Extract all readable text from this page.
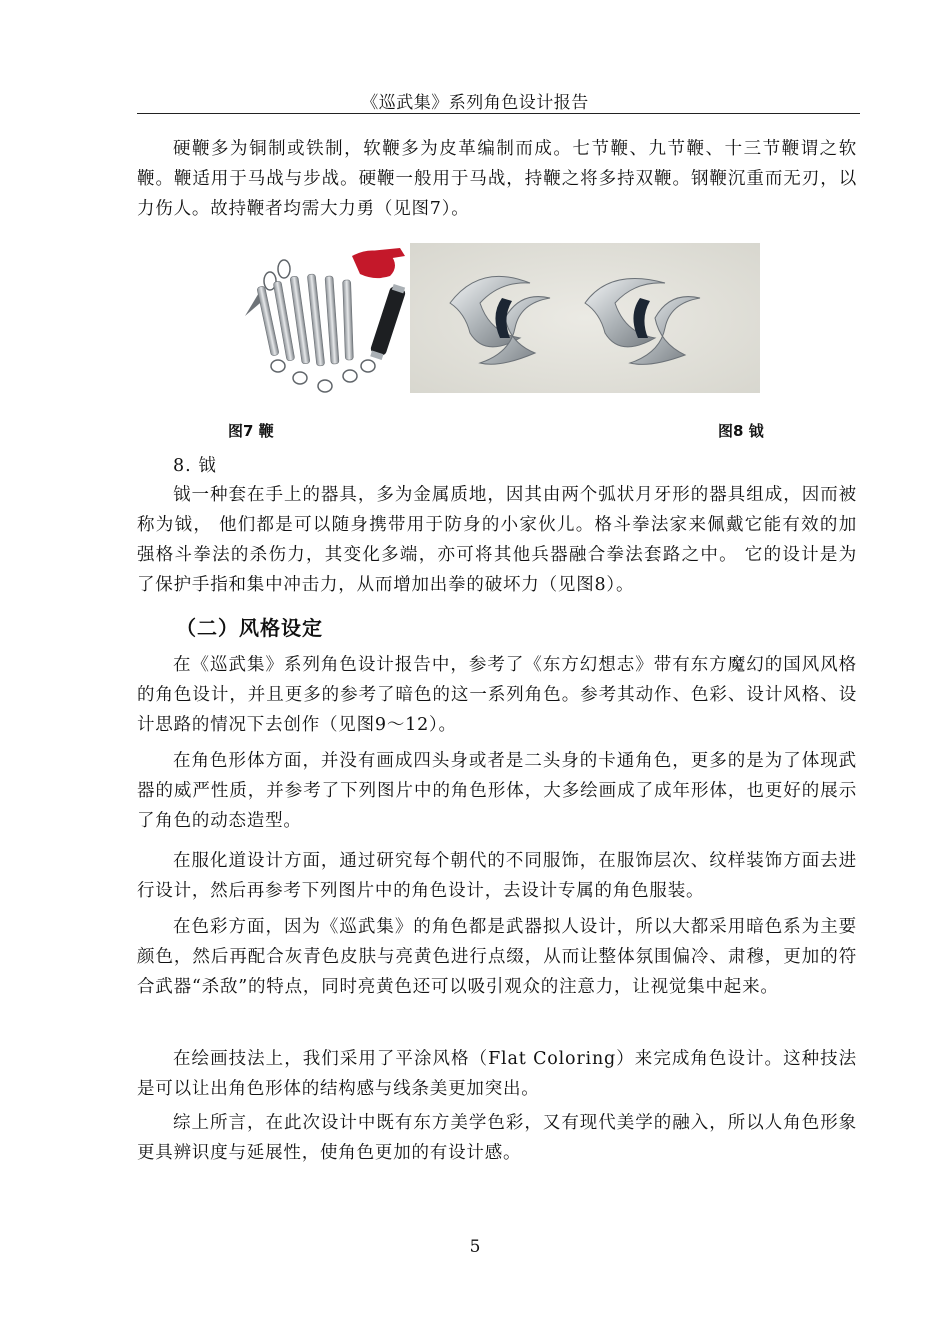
《巡武集》系列角色设计报告

硬鞭多为铜制或铁制，软鞭多为皮革编制而成。七节鞭、九节鞭、十三节鞭谓之软鞭。鞭适用于马战与步战。硬鞭一般用于马战，持鞭之将多持双鞭。钢鞭沉重而无刃，以力伤人。故持鞭者均需大力勇（见图7）。

图7 鞭	图8 钺
8. 钺

钺一种套在手上的器具，多为金属质地，因其由两个弧状月牙形的器具组成，因而被称为钺， 他们都是可以随身携带用于防身的小家伙儿。格斗拳法家来佩戴它能有效的加强格斗拳法的杀伤力，其变化多端，亦可将其他兵器融合拳法套路之中。 它的设计是为了保护手指和集中冲击力，从而增加出拳的破坏力（见图8）。

（二）风格设定

在《巡武集》系列角色设计报告中，参考了《东方幻想志》带有东方魔幻的国风风格的角色设计，并且更多的参考了暗色的这一系列角色。参考其动作、色彩、设计风格、设计思路的情况下去创作（见图9～12）。

在角色形体方面，并没有画成四头身或者是二头身的卡通角色，更多的是为了体现武器的威严性质，并参考了下列图片中的角色形体，大多绘画成了成年形体，也更好的展示了角色的动态造型。

在服化道设计方面，通过研究每个朝代的不同服饰，在服饰层次、纹样装饰方面去进行设计，然后再参考下列图片中的角色设计，去设计专属的角色服装。

在色彩方面，因为《巡武集》的角色都是武器拟人设计，所以大都采用暗色系为主要颜色，然后再配合灰青色皮肤与亮黄色进行点缀，从而让整体氛围偏冷、肃穆，更加的符合武器“杀敌”的特点，同时亮黄色还可以吸引观众的注意力，让视觉集中起来。

在绘画技法上，我们采用了平涂风格（Flat Coloring）来完成角色设计。这种技法是可以让出角色形体的结构感与线条美更加突出。

综上所言，在此次设计中既有东方美学色彩，又有现代美学的融入，所以人角色形象更具辨识度与延展性，使角色更加的有设计感。

5
